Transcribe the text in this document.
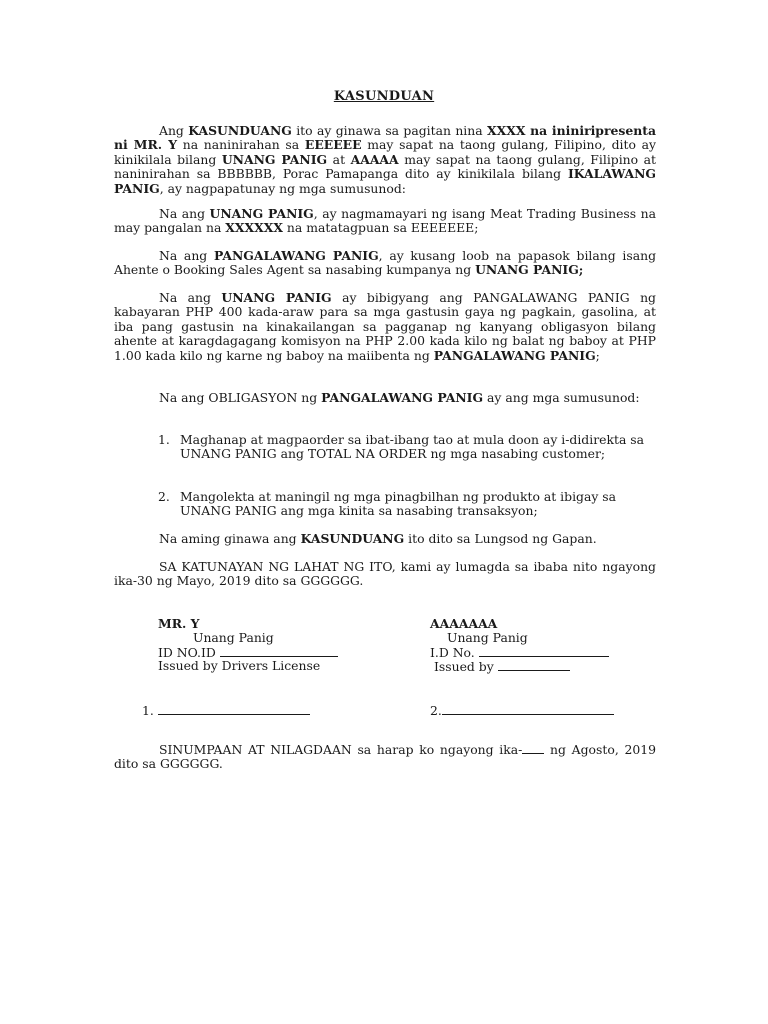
KASUNDUAN

Ang KASUNDUANG ito ay ginawa sa pagitan nina XXXX na ininiripresenta ni MR. Y na naninirahan sa EEEEEE may sapat na taong gulang, Filipino, dito ay kinikilala bilang UNANG PANIG at AAAAA may sapat na taong gulang, Filipino at naninirahan sa BBBBBB, Porac Pamapanga dito ay kinikilala bilang IKALAWANG PANIG, ay nagpapatunay ng mga sumusunod:

Na ang UNANG PANIG, ay nagmamayari ng isang Meat Trading Business na may pangalan na XXXXXX na matatagpuan sa EEEEEEE;

Na ang PANGALAWANG PANIG, ay kusang loob na papasok bilang isang Ahente o Booking Sales Agent sa nasabing kumpanya ng UNANG PANIG;

Na ang UNANG PANIG ay bibigyang ang PANGALAWANG PANIG ng kabayaran PHP 400 kada-araw para sa mga gastusin gaya ng pagkain, gasolina, at iba pang gastusin na kinakailangan sa pagganap ng kanyang obligasyon bilang ahente at karagdagagang komisyon na PHP 2.00 kada kilo ng balat ng baboy at PHP 1.00 kada kilo ng karne ng baboy na maiibenta ng PANGALAWANG PANIG;

Na ang OBLIGASYON ng PANGALAWANG PANIG ay ang mga sumusunod:

1. Maghanap at magpaorder sa ibat-ibang tao at mula doon ay i-didirekta sa UNANG PANIG ang TOTAL NA ORDER ng mga nasabing customer;
2. Mangolekta at maningil ng mga pinagbilhan ng produkto at ibigay sa UNANG PANIG ang mga kinita sa nasabing transaksyon;

Na aming ginawa ang KASUNDUANG ito dito sa Lungsod ng Gapan.

SA KATUNAYAN NG LAHAT NG ITO, kami ay lumagda sa ibaba nito ngayong ika-30 ng Mayo, 2019 dito sa GGGGGG.

MR. Y
Unang Panig
ID NO.ID
Issued by Drivers License
AAAAAAA
Unang Panig
I.D No.
Issued by
1.	2.

SINUMPAAN AT NILAGDAAN sa harap ko ngayong ika- ng Agosto, 2019 dito sa GGGGGG.
